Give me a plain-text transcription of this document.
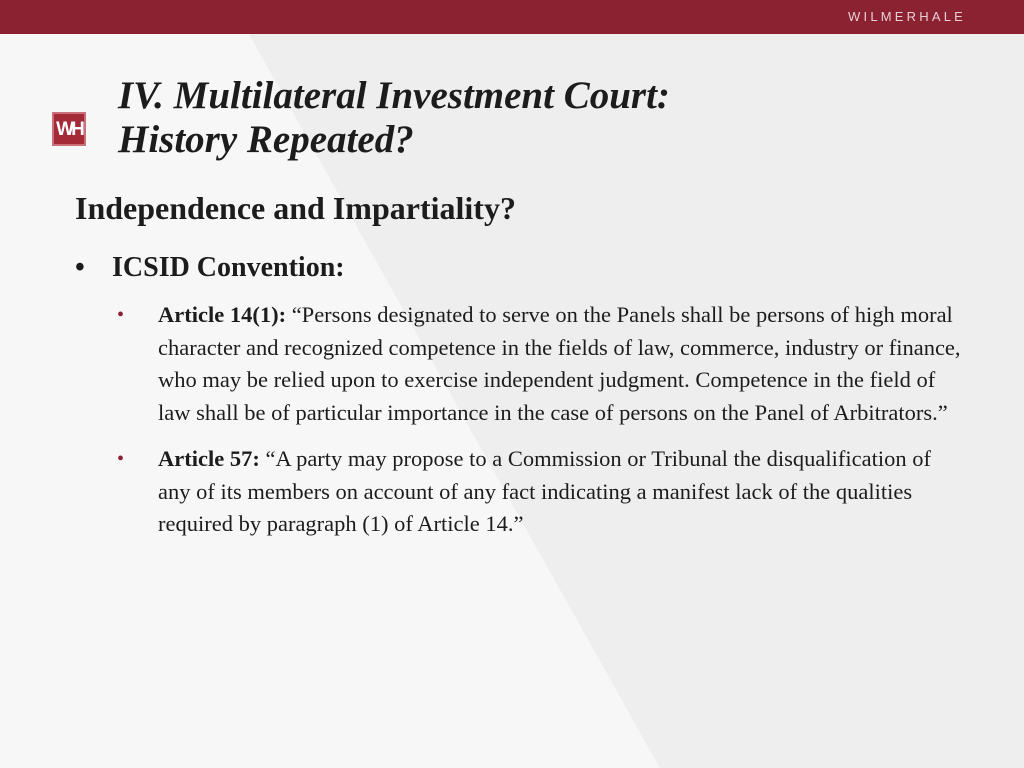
WILMERHALE
WH
IV. Multilateral Investment Court:
History Repeated?
Independence and Impartiality?
• ICSID Convention:
• Article 14(1): “Persons designated to serve on the Panels shall be persons of high moral character and recognized competence in the fields of law, commerce, industry or finance, who may be relied upon to exercise independent judgment. Competence in the field of law shall be of particular importance in the case of persons on the Panel of Arbitrators.”
• Article 57: “A party may propose to a Commission or Tribunal the disqualification of any of its members on account of any fact indicating a manifest lack of the qualities required by paragraph (1) of Article 14.”
